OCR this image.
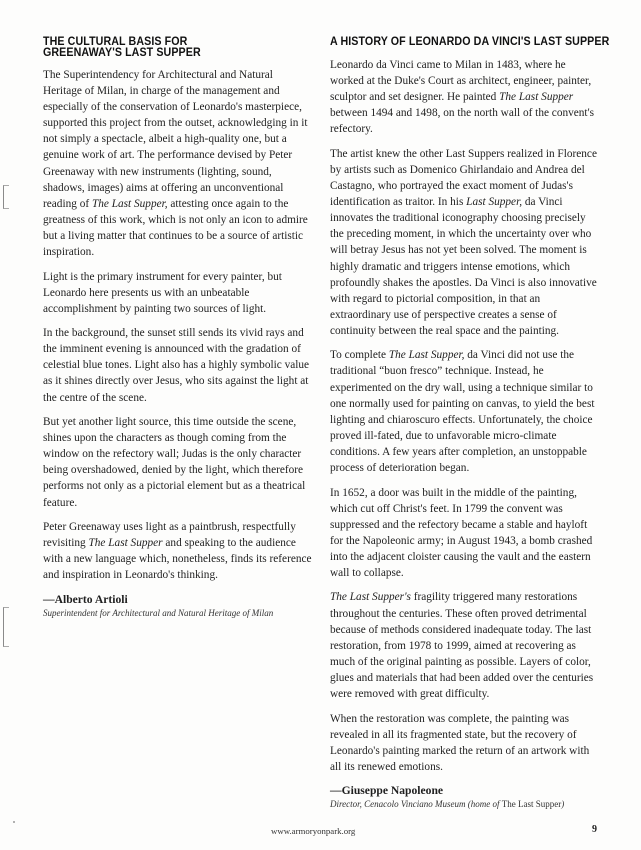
THE CULTURAL BASIS FOR
GREENAWAY'S LAST SUPPER

The Superintendency for Architectural and Natural Heritage of Milan, in charge of the management and especially of the conservation of Leonardo's masterpiece, supported this project from the outset, acknowledging in it not simply a spectacle, albeit a high-quality one, but a genuine work of art. The performance devised by Peter Greenaway with new instruments (lighting, sound, shadows, images) aims at offering an unconventional reading of The Last Supper, attesting once again to the greatness of this work, which is not only an icon to admire but a living matter that continues to be a source of artistic inspiration.

Light is the primary instrument for every painter, but Leonardo here presents us with an unbeatable accomplishment by painting two sources of light.

In the background, the sunset still sends its vivid rays and the imminent evening is announced with the gradation of celestial blue tones. Light also has a highly symbolic value as it shines directly over Jesus, who sits against the light at the centre of the scene.

But yet another light source, this time outside the scene, shines upon the characters as though coming from the window on the refectory wall; Judas is the only character being overshadowed, denied by the light, which therefore performs not only as a pictorial element but as a theatrical feature.

Peter Greenaway uses light as a paintbrush, respectfully revisiting The Last Supper and speaking to the audience with a new language which, nonetheless, finds its reference and inspiration in Leonardo's thinking.

—Alberto Artioli
Superintendent for Architectural and Natural Heritage of Milan
A HISTORY OF LEONARDO DA VINCI'S LAST SUPPER

Leonardo da Vinci came to Milan in 1483, where he worked at the Duke's Court as architect, engineer, painter, sculptor and set designer. He painted The Last Supper between 1494 and 1498, on the north wall of the convent's refectory.

The artist knew the other Last Suppers realized in Florence by artists such as Domenico Ghirlandaio and Andrea del Castagno, who portrayed the exact moment of Judas's identification as traitor. In his Last Supper, da Vinci innovates the traditional iconography choosing precisely the preceding moment, in which the uncertainty over who will betray Jesus has not yet been solved. The moment is highly dramatic and triggers intense emotions, which profoundly shakes the apostles. Da Vinci is also innovative with regard to pictorial composition, in that an extraordinary use of perspective creates a sense of continuity between the real space and the painting.

To complete The Last Supper, da Vinci did not use the traditional “buon fresco” technique. Instead, he experimented on the dry wall, using a technique similar to one normally used for painting on canvas, to yield the best lighting and chiaroscuro effects. Unfortunately, the choice proved ill-fated, due to unfavorable micro-climate conditions. A few years after completion, an unstoppable process of deterioration began.

In 1652, a door was built in the middle of the painting, which cut off Christ's feet. In 1799 the convent was suppressed and the refectory became a stable and hayloft for the Napoleonic army; in August 1943, a bomb crashed into the adjacent cloister causing the vault and the eastern wall to collapse.

The Last Supper's fragility triggered many restorations throughout the centuries. These often proved detrimental because of methods considered inadequate today. The last restoration, from 1978 to 1999, aimed at recovering as much of the original painting as possible. Layers of color, glues and materials that had been added over the centuries were removed with great difficulty.

When the restoration was complete, the painting was revealed in all its fragmented state, but the recovery of Leonardo's painting marked the return of an artwork with all its renewed emotions.

—Giuseppe Napoleone
Director, Cenacolo Vinciano Museum (home of The Last Supper)
www.armoryonpark.org	9
